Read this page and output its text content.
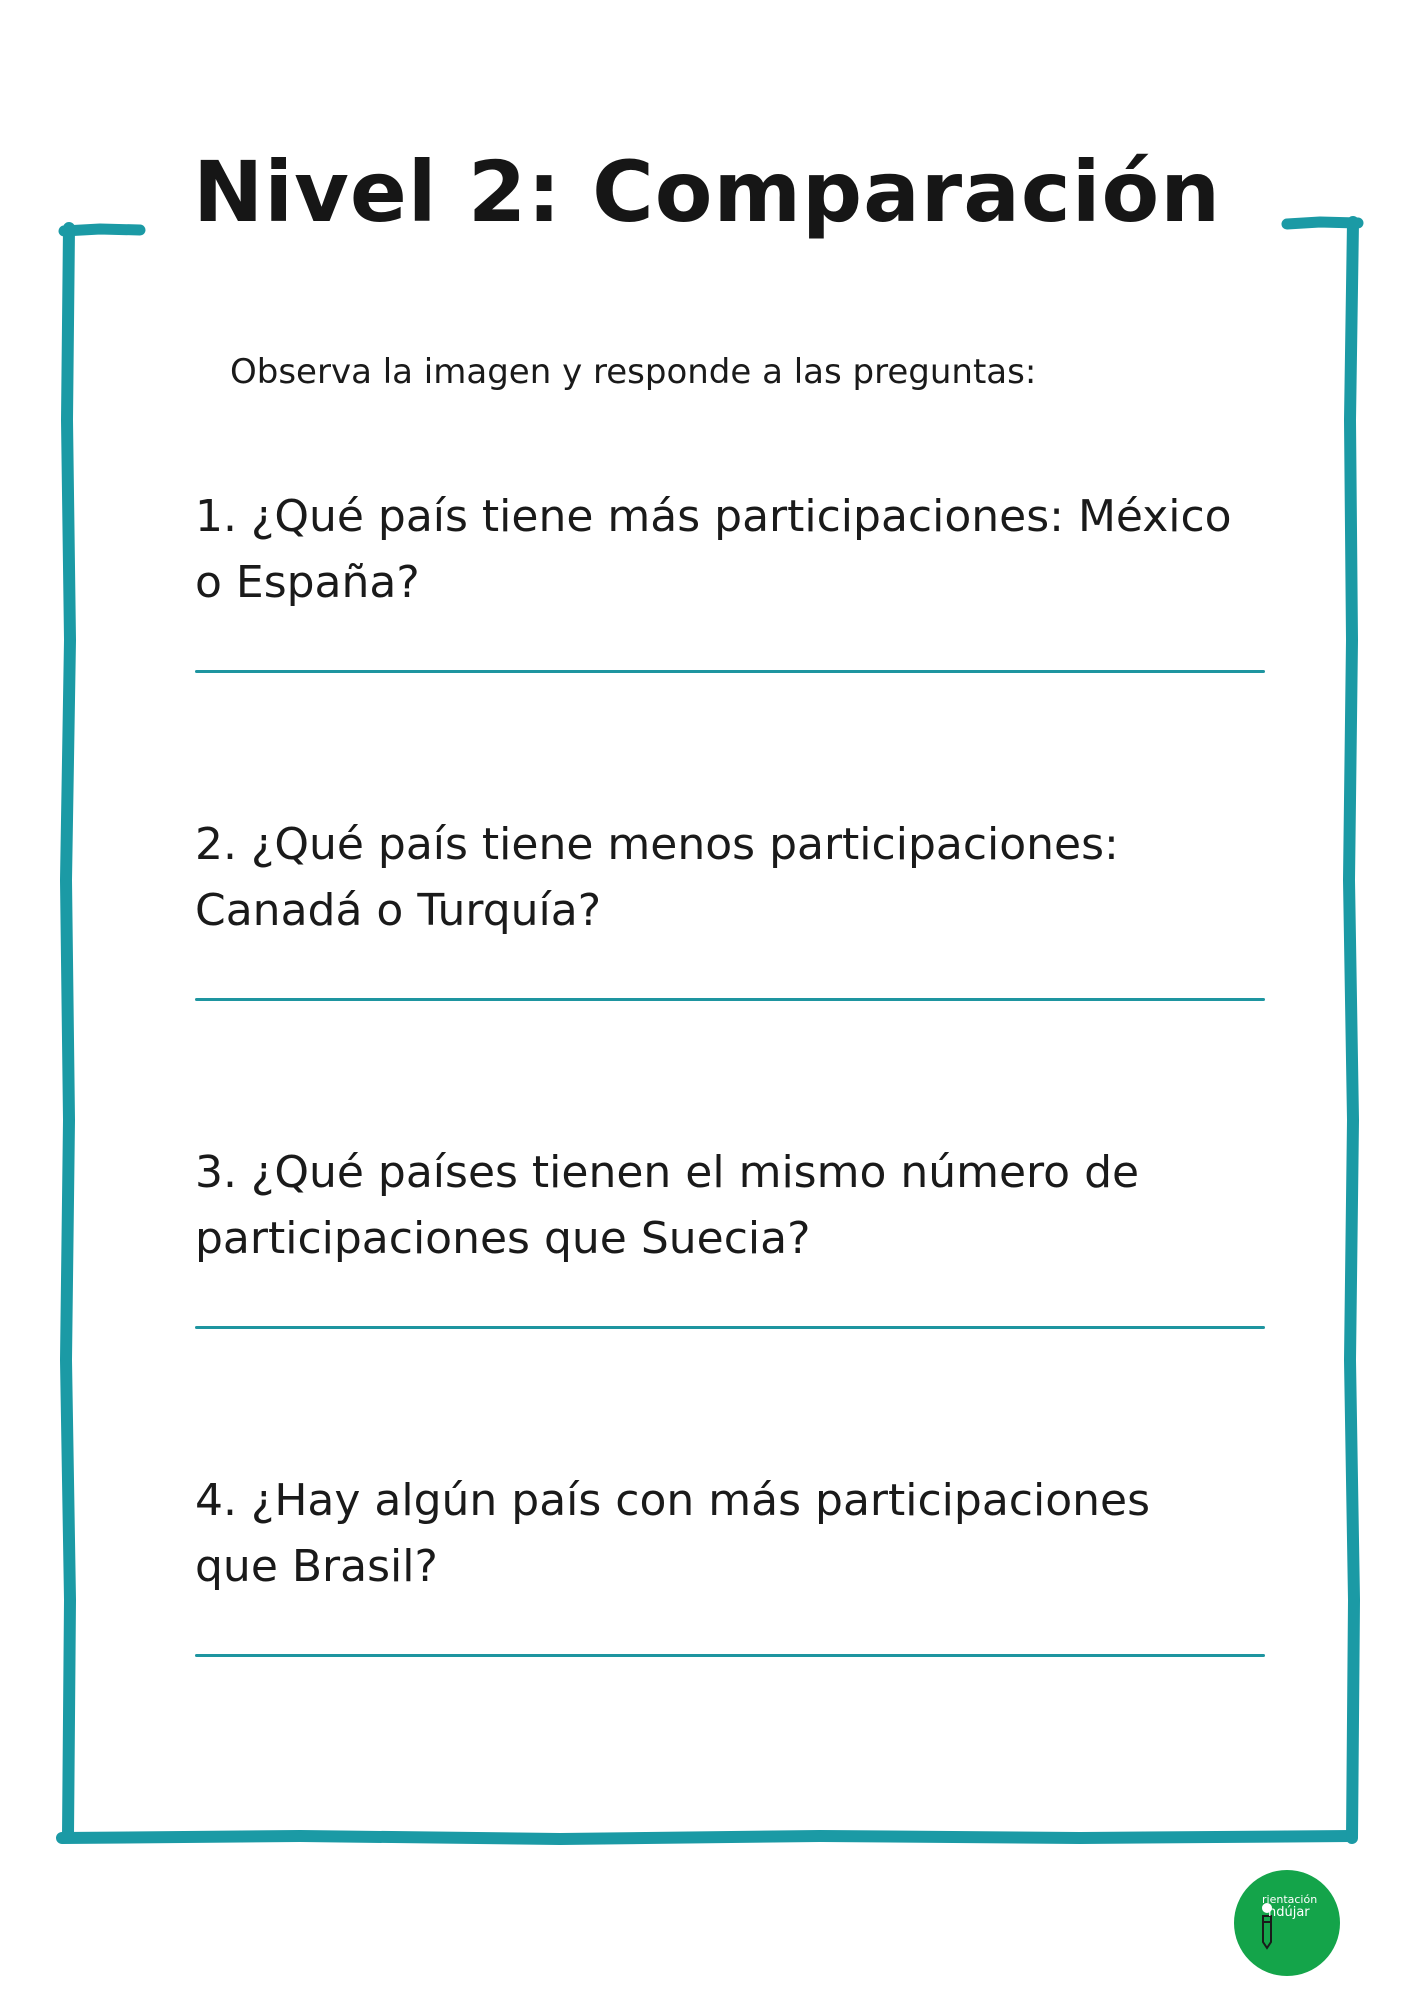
Nivel 2: Comparación
Observa la imagen y responde a las preguntas:
1. ¿Qué país tiene más participaciones: México
o España?
2. ¿Qué país tiene menos participaciones:
Canadá o Turquía?
3. ¿Qué países tienen el mismo número de
participaciones que Suecia?
4. ¿Hay algún país con más participaciones
que Brasil?
rientación
ndújar
